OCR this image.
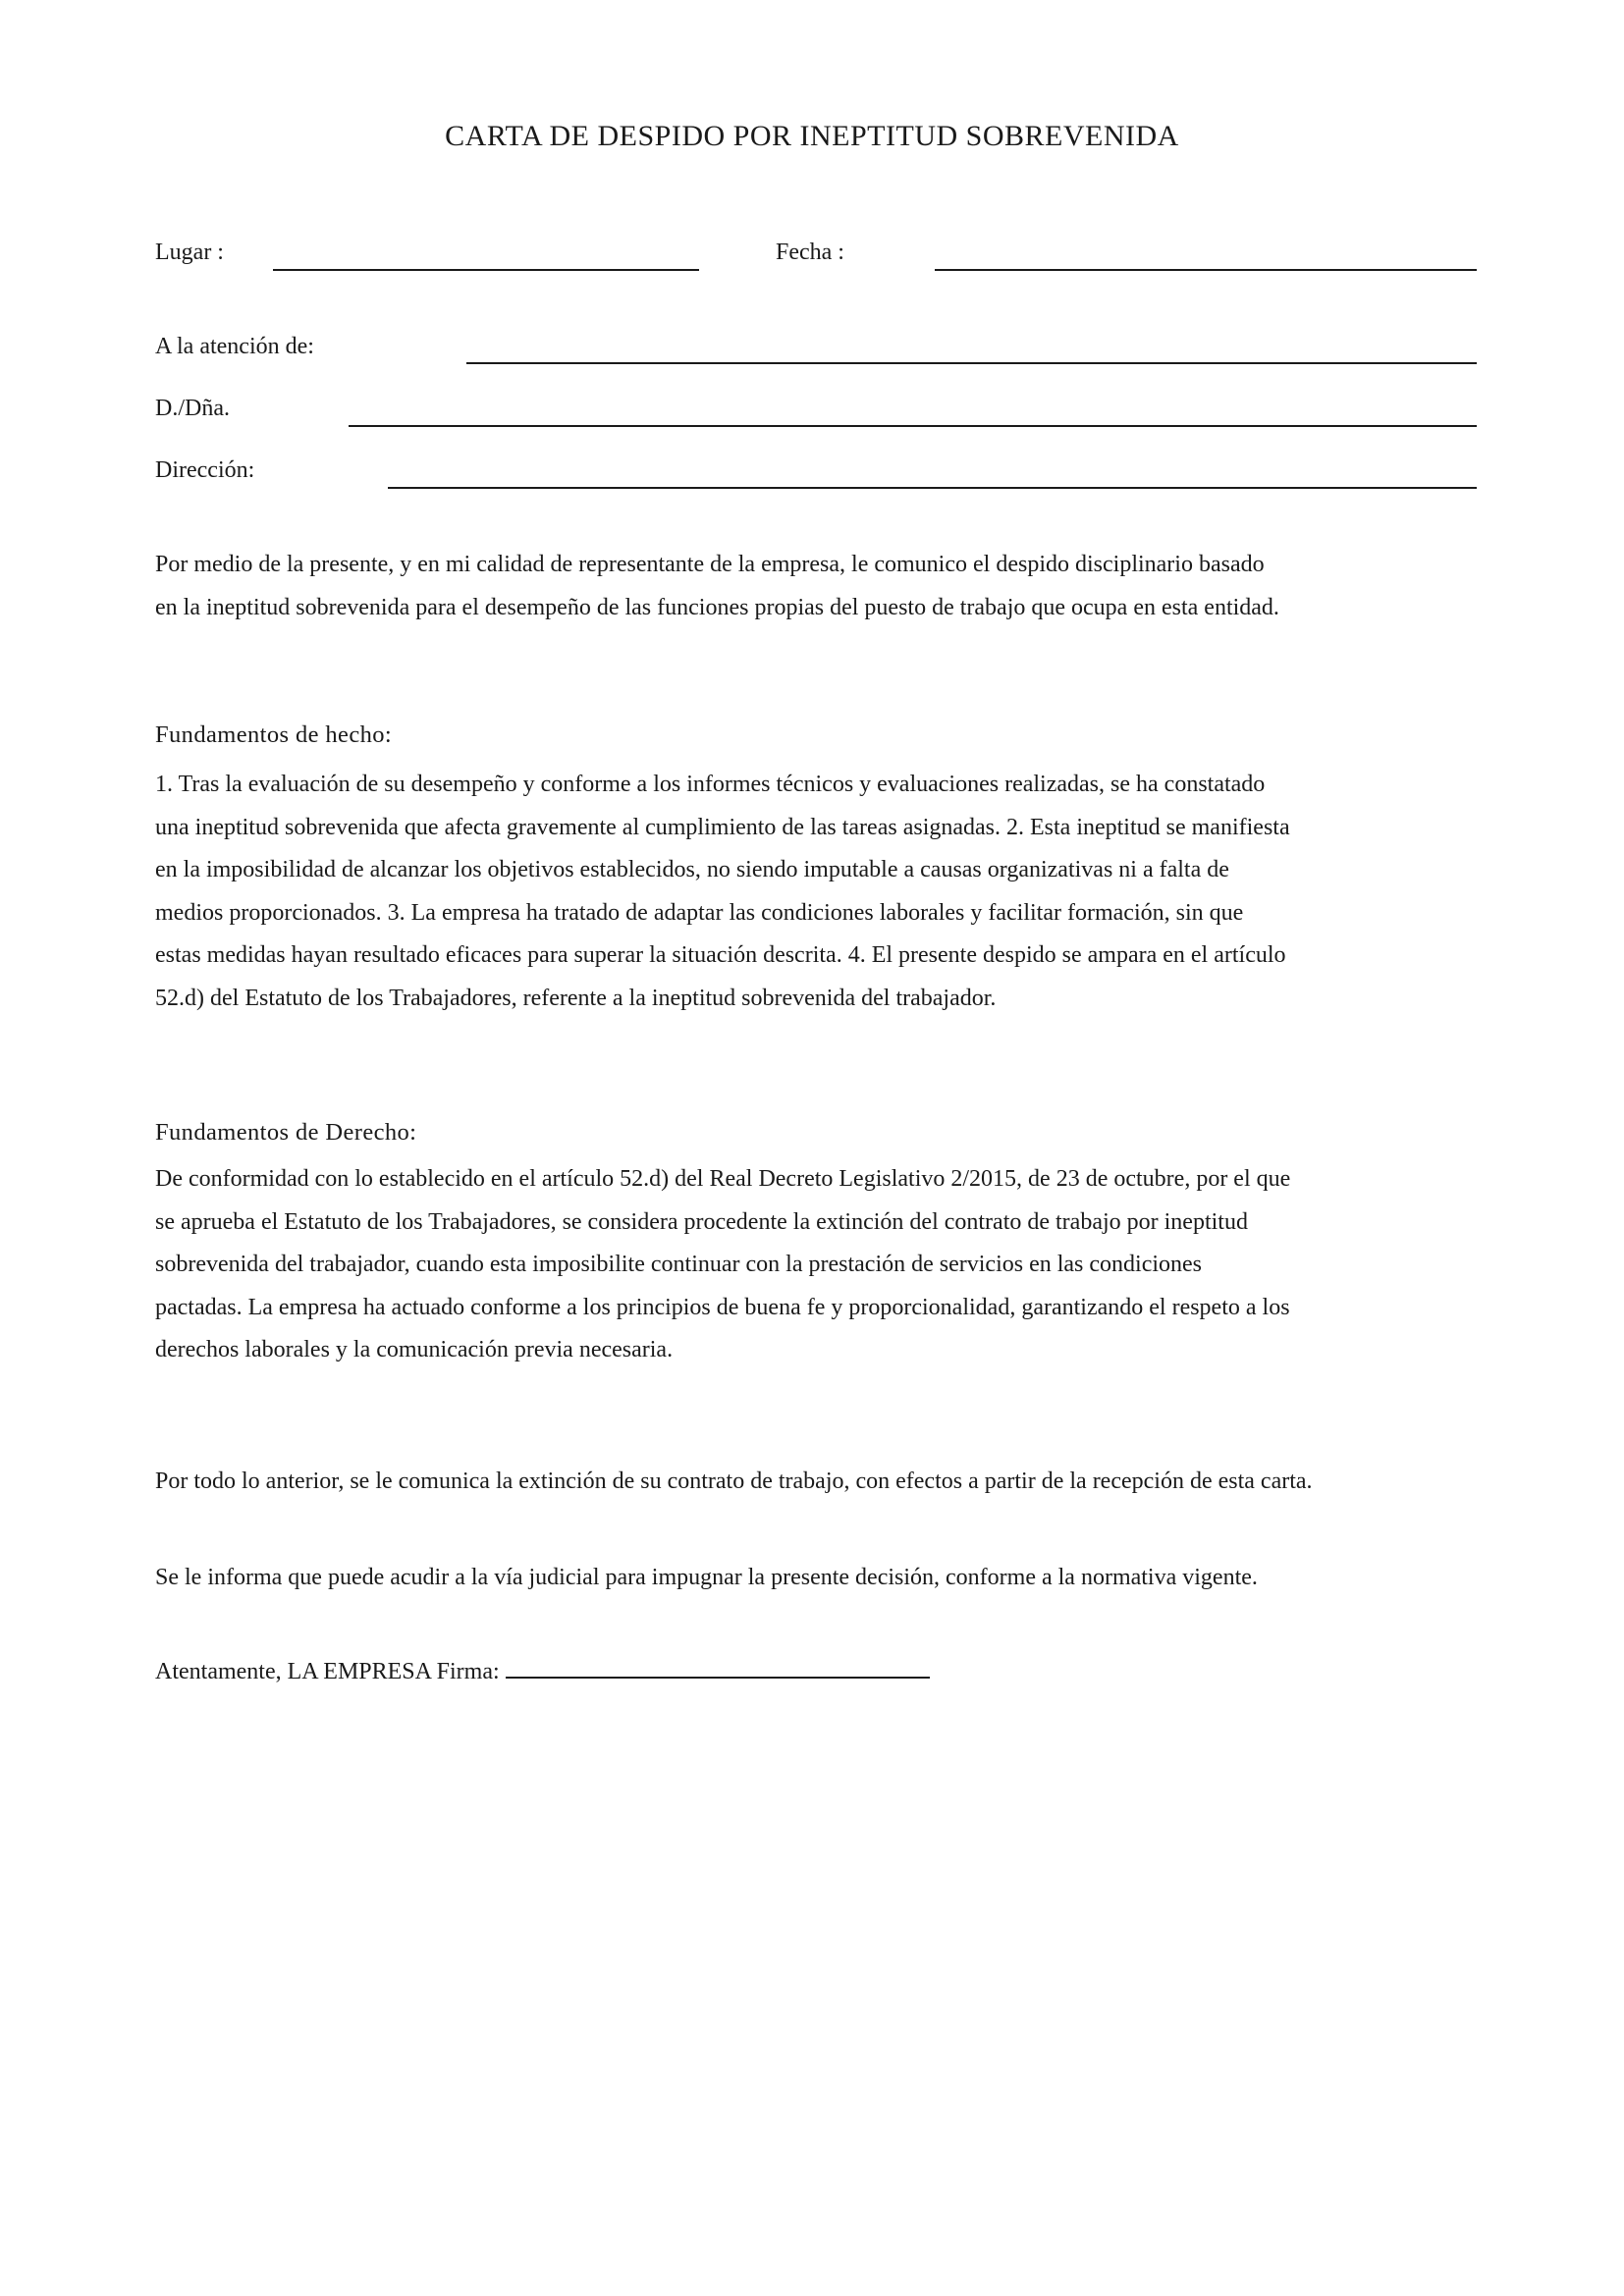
CARTA DE DESPIDO POR INEPTITUD SOBREVENIDA
Lugar :	Fecha :
A la atención de:
D./Dña.
Dirección:
Por medio de la presente, y en mi calidad de representante de la empresa, le comunico el despido disciplinario basado
en la ineptitud sobrevenida para el desempeño de las funciones propias del puesto de trabajo que ocupa en esta entidad.
Fundamentos de hecho:
1. Tras la evaluación de su desempeño y conforme a los informes técnicos y evaluaciones realizadas, se ha constatado
una ineptitud sobrevenida que afecta gravemente al cumplimiento de las tareas asignadas. 2. Esta ineptitud se manifiesta
en la imposibilidad de alcanzar los objetivos establecidos, no siendo imputable a causas organizativas ni a falta de
medios proporcionados. 3. La empresa ha tratado de adaptar las condiciones laborales y facilitar formación, sin que
estas medidas hayan resultado eficaces para superar la situación descrita. 4. El presente despido se ampara en el artículo
52.d) del Estatuto de los Trabajadores, referente a la ineptitud sobrevenida del trabajador.
Fundamentos de Derecho:
De conformidad con lo establecido en el artículo 52.d) del Real Decreto Legislativo 2/2015, de 23 de octubre, por el que
se aprueba el Estatuto de los Trabajadores, se considera procedente la extinción del contrato de trabajo por ineptitud
sobrevenida del trabajador, cuando esta imposibilite continuar con la prestación de servicios en las condiciones
pactadas. La empresa ha actuado conforme a los principios de buena fe y proporcionalidad, garantizando el respeto a los
derechos laborales y la comunicación previa necesaria.
Por todo lo anterior, se le comunica la extinción de su contrato de trabajo, con efectos a partir de la recepción de esta carta.
Se le informa que puede acudir a la vía judicial para impugnar la presente decisión, conforme a la normativa vigente.
Atentamente, LA EMPRESA Firma:
